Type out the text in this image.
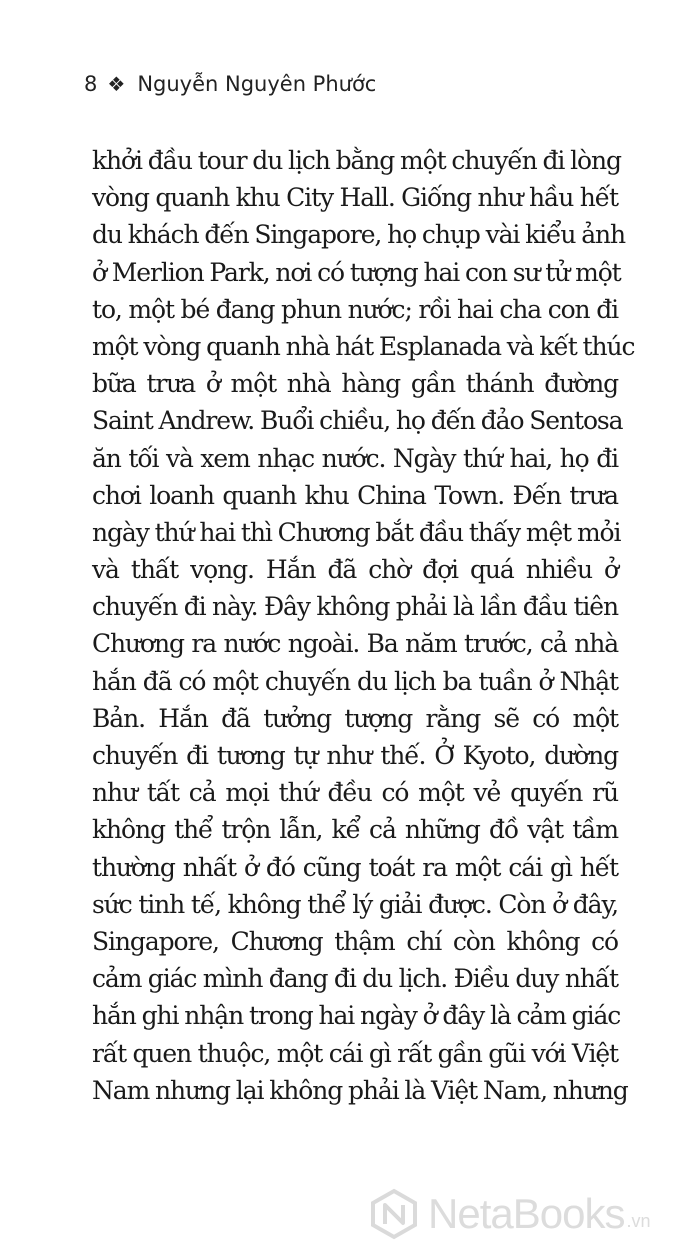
8 ❖ Nguyễn Nguyên Phước
khởi đầu tour du lịch bằng một chuyến đi lòng
vòng quanh khu City Hall. Giống như hầu hết
du khách đến Singapore, họ chụp vài kiểu ảnh
ở Merlion Park, nơi có tượng hai con sư tử một
to, một bé đang phun nước; rồi hai cha con đi
một vòng quanh nhà hát Esplanada và kết thúc
bữa trưa ở một nhà hàng gần thánh đường
Saint Andrew. Buổi chiều, họ đến đảo Sentosa
ăn tối và xem nhạc nước. Ngày thứ hai, họ đi
chơi loanh quanh khu China Town. Đến trưa
ngày thứ hai thì Chương bắt đầu thấy mệt mỏi
và thất vọng. Hắn đã chờ đợi quá nhiều ở
chuyến đi này. Đây không phải là lần đầu tiên
Chương ra nước ngoài. Ba năm trước, cả nhà
hắn đã có một chuyến du lịch ba tuần ở Nhật
Bản. Hắn đã tưởng tượng rằng sẽ có một
chuyến đi tương tự như thế. Ở Kyoto, dường
như tất cả mọi thứ đều có một vẻ quyến rũ
không thể trộn lẫn, kể cả những đồ vật tầm
thường nhất ở đó cũng toát ra một cái gì hết
sức tinh tế, không thể lý giải được. Còn ở đây,
Singapore, Chương thậm chí còn không có
cảm giác mình đang đi du lịch. Điều duy nhất
hắn ghi nhận trong hai ngày ở đây là cảm giác
rất quen thuộc, một cái gì rất gần gũi với Việt
Nam nhưng lại không phải là Việt Nam, nhưng
NetaBooks .vn
